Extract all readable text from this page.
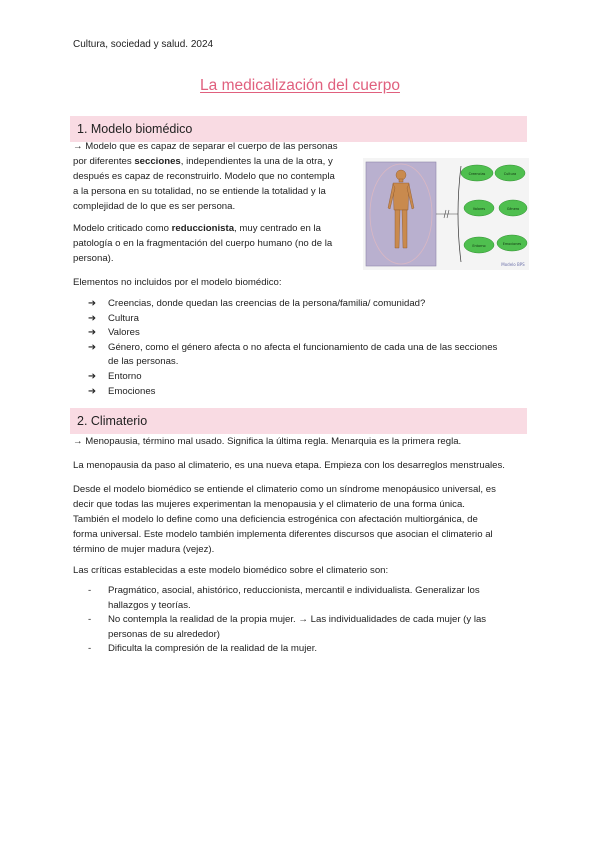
Cultura, sociedad y salud. 2024
La medicalización del cuerpo
1. Modelo biomédico
→ Modelo que es capaz de separar el cuerpo de las personas
por diferentes secciones, independientes la una de la otra, y
después es capaz de reconstruirlo. Modelo que no contempla
a la persona en su totalidad, no se entiende la totalidad y la
complejidad de lo que es ser persona.
Modelo criticado como reduccionista, muy centrado en la
patología o en la fragmentación del cuerpo humano (no de la
persona).
Creencias	Cultura
Valores	Género
Entorno	Emociones
Modelo BPS
Elementos no incluidos por el modelo biomédico:
➔ Creencias, donde quedan las creencias de la persona/familia/ comunidad?
➔ Cultura
➔ Valores
➔ Género, como el género afecta o no afecta el funcionamiento de cada una de las secciones
de las personas.
➔ Entorno
➔ Emociones
2. Climaterio
→ Menopausia, término mal usado. Significa la última regla. Menarquia es la primera regla.
La menopausia da paso al climaterio, es una nueva etapa. Empieza con los desarreglos menstruales.
Desde el modelo biomédico se entiende el climaterio como un síndrome menopáusico universal, es
decir que todas las mujeres experimentan la menopausia y el climaterio de una forma única.
También el modelo lo define como una deficiencia estrogénica con afectación multiorgánica, de
forma universal. Este modelo también implementa diferentes discursos que asocian el climaterio al
término de mujer madura (vejez).
Las críticas establecidas a este modelo biomédico sobre el climaterio son:
- Pragmático, asocial, ahistórico, reduccionista, mercantil e individualista. Generalizar los
hallazgos y teorías.
- No contempla la realidad de la propia mujer. → Las individualidades de cada mujer (y las
personas de su alrededor)
- Dificulta la compresión de la realidad de la mujer.
